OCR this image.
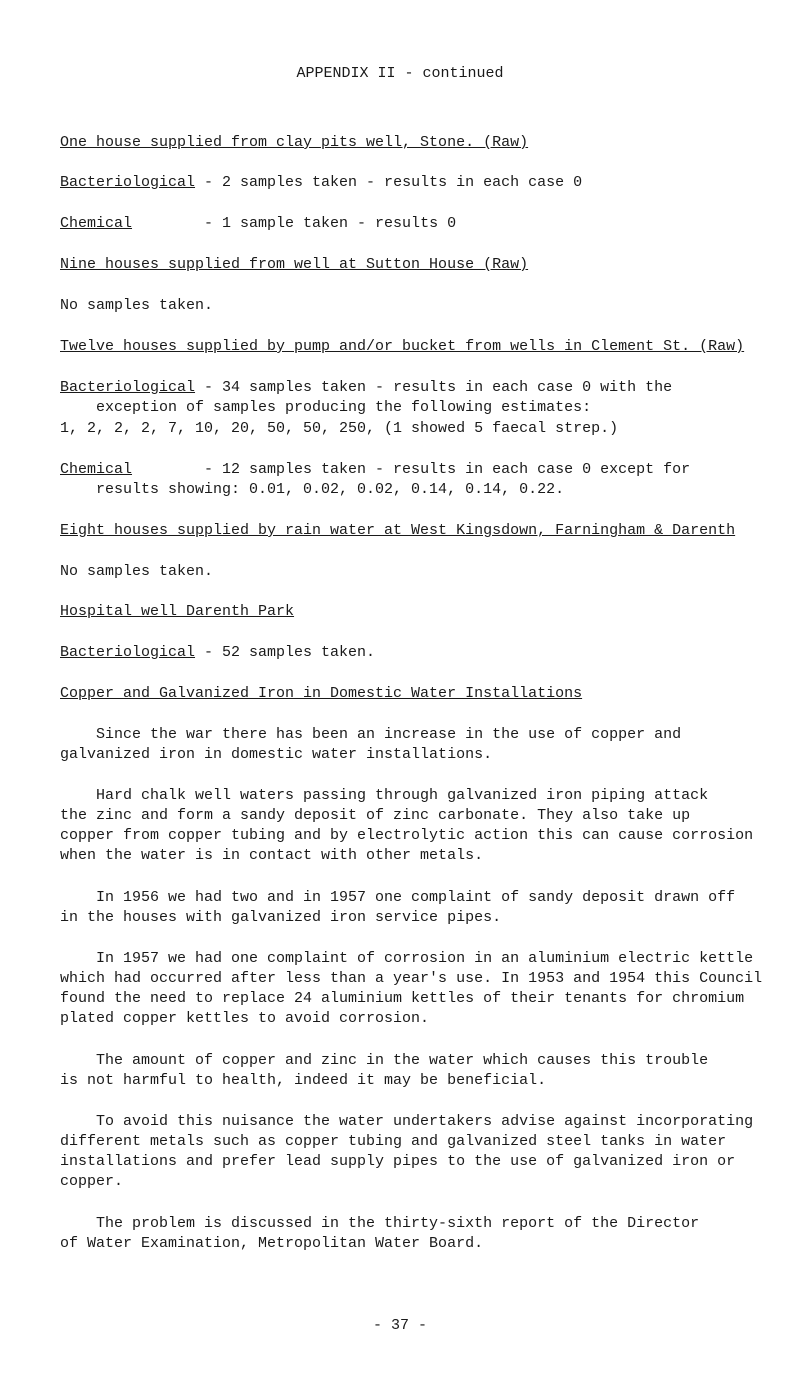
APPENDIX II - continued
One house supplied from clay pits well, Stone. (Raw)
Bacteriological - 2 samples taken - results in each case 0
Chemical        - 1 sample taken - results 0
Nine houses supplied from well at Sutton House (Raw)
No samples taken.
Twelve houses supplied by pump and/or bucket from wells in Clement St. (Raw)
Bacteriological - 34 samples taken - results in each case 0 with the
exception of samples producing the following estimates:
1, 2, 2, 2, 7, 10, 20, 50, 50, 250, (1 showed 5 faecal strep.)
Chemical        - 12 samples taken - results in each case 0 except for
results showing: 0.01, 0.02, 0.02, 0.14, 0.14, 0.22.
Eight houses supplied by rain water at West Kingsdown, Farningham & Darenth
No samples taken.
Hospital well Darenth Park
Bacteriological - 52 samples taken.
Copper and Galvanized Iron in Domestic Water Installations
Since the war there has been an increase in the use of copper and
galvanized iron in domestic water installations.
Hard chalk well waters passing through galvanized iron piping attack
the zinc and form a sandy deposit of zinc carbonate. They also take up
copper from copper tubing and by electrolytic action this can cause corrosion
when the water is in contact with other metals.
In 1956 we had two and in 1957 one complaint of sandy deposit drawn off
in the houses with galvanized iron service pipes.
In 1957 we had one complaint of corrosion in an aluminium electric kettle
which had occurred after less than a year's use. In 1953 and 1954 this Council
found the need to replace 24 aluminium kettles of their tenants for chromium
plated copper kettles to avoid corrosion.
The amount of copper and zinc in the water which causes this trouble
is not harmful to health, indeed it may be beneficial.
To avoid this nuisance the water undertakers advise against incorporating
different metals such as copper tubing and galvanized steel tanks in water
installations and prefer lead supply pipes to the use of galvanized iron or
copper.
The problem is discussed in the thirty-sixth report of the Director
of Water Examination, Metropolitan Water Board.
- 37 -
